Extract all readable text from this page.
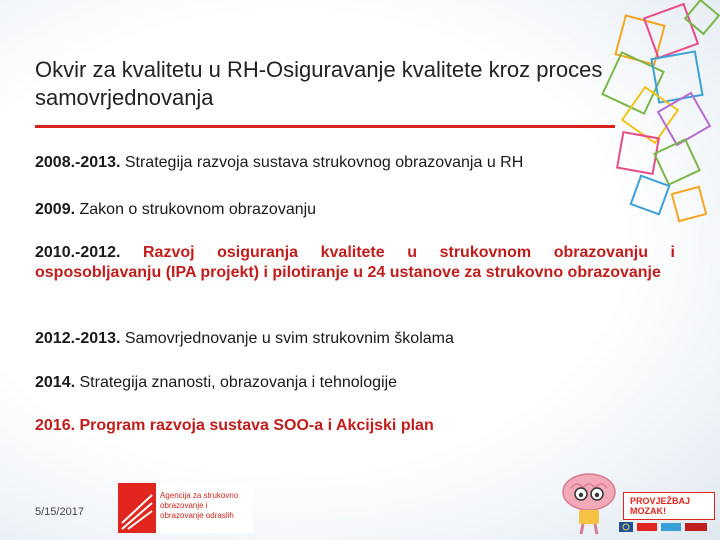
Okvir za kvalitetu u RH-Osiguravanje kvalitete kroz proces samovrjednovanja

2008.-2013. Strategija razvoja sustava strukovnog obrazovanja u RH

2009. Zakon o strukovnom obrazovanju

2010.-2012. Razvoj osiguranja kvalitete u strukovnom obrazovanju i osposobljavanju (IPA projekt) i pilotiranje u 24 ustanove za strukovno obrazovanje

2012.-2013. Samovrjednovanje u svim strukovnim školama

2014. Strategija znanosti, obrazovanja i tehnologije

2016. Program razvoja sustava SOO-a i Akcijski plan

5/15/2017
Agencija za strukovno obrazovanje i obrazovanje odraslih
PROVJEŽBAJ MOZAK!
